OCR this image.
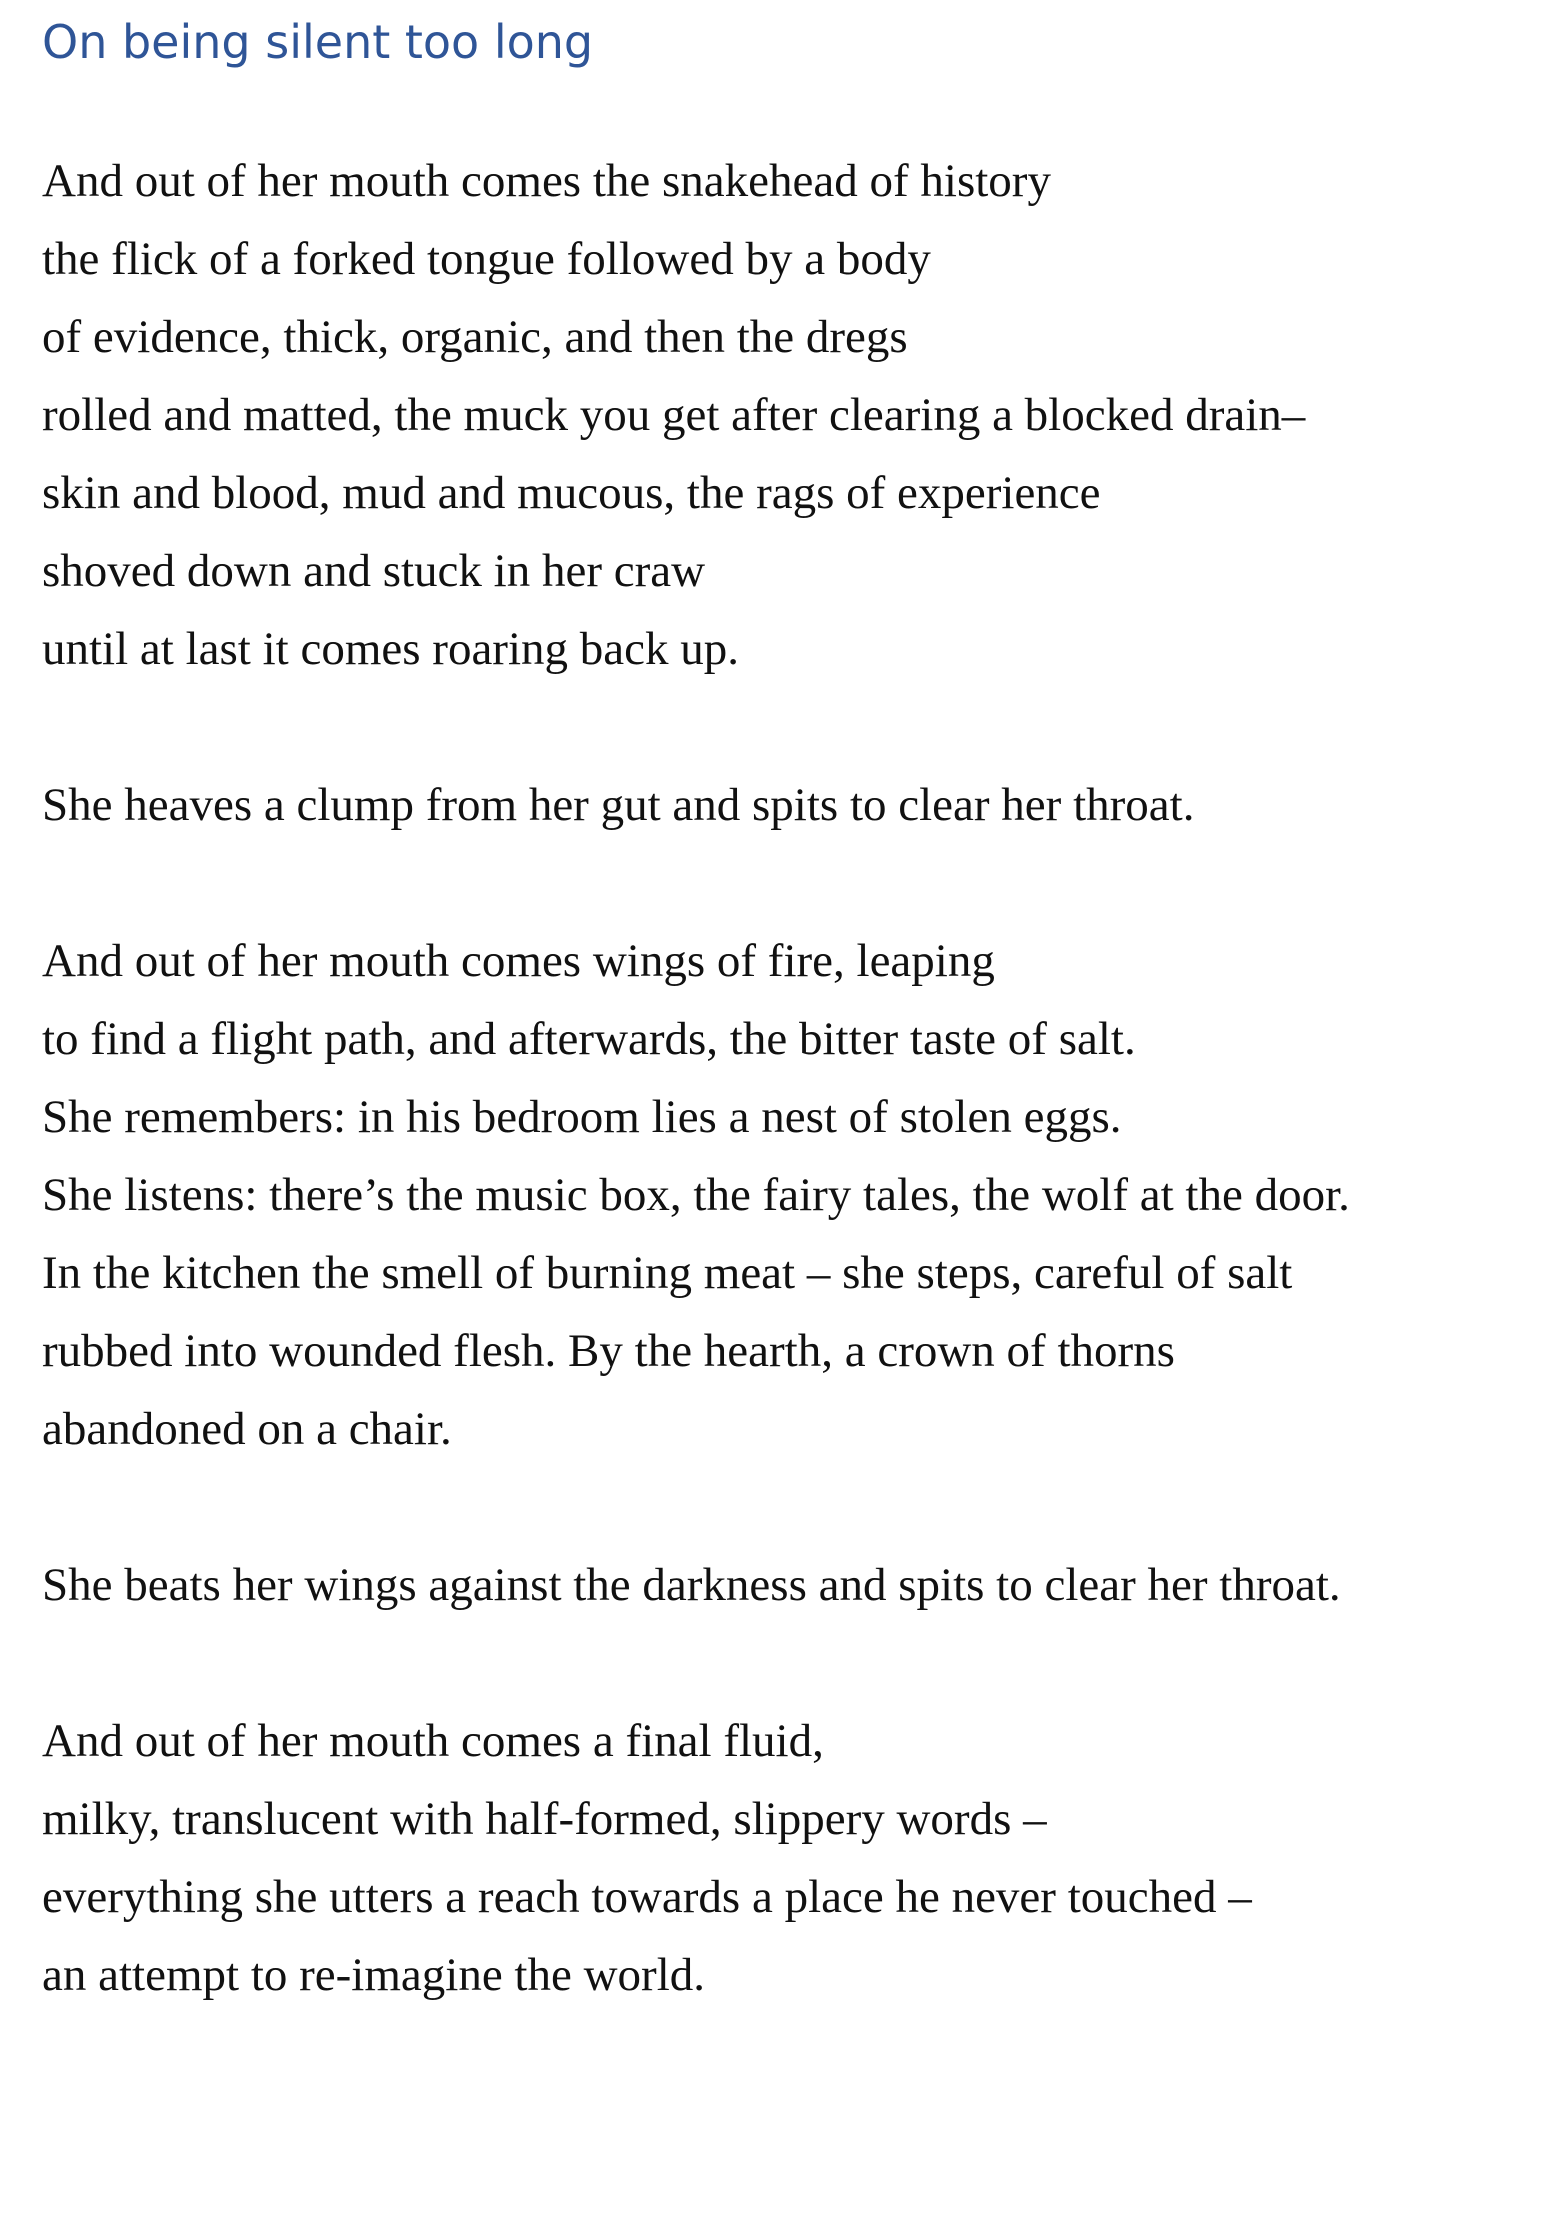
On being silent too long
And out of her mouth comes the snakehead of history
the flick of a forked tongue followed by a body
of evidence, thick, organic, and then the dregs
rolled and matted, the muck you get after clearing a blocked drain–
skin and blood, mud and mucous, the rags of experience
shoved down and stuck in her craw
until at last it comes roaring back up.
She heaves a clump from her gut and spits to clear her throat.
And out of her mouth comes wings of fire, leaping
to find a flight path, and afterwards, the bitter taste of salt.
She remembers: in his bedroom lies a nest of stolen eggs.
She listens: there’s the music box, the fairy tales, the wolf at the door.
In the kitchen the smell of burning meat – she steps, careful of salt
rubbed into wounded flesh. By the hearth, a crown of thorns
abandoned on a chair.
She beats her wings against the darkness and spits to clear her throat.
And out of her mouth comes a final fluid,
milky, translucent with half-formed, slippery words –
everything she utters a reach towards a place he never touched –
an attempt to re-imagine the world.
